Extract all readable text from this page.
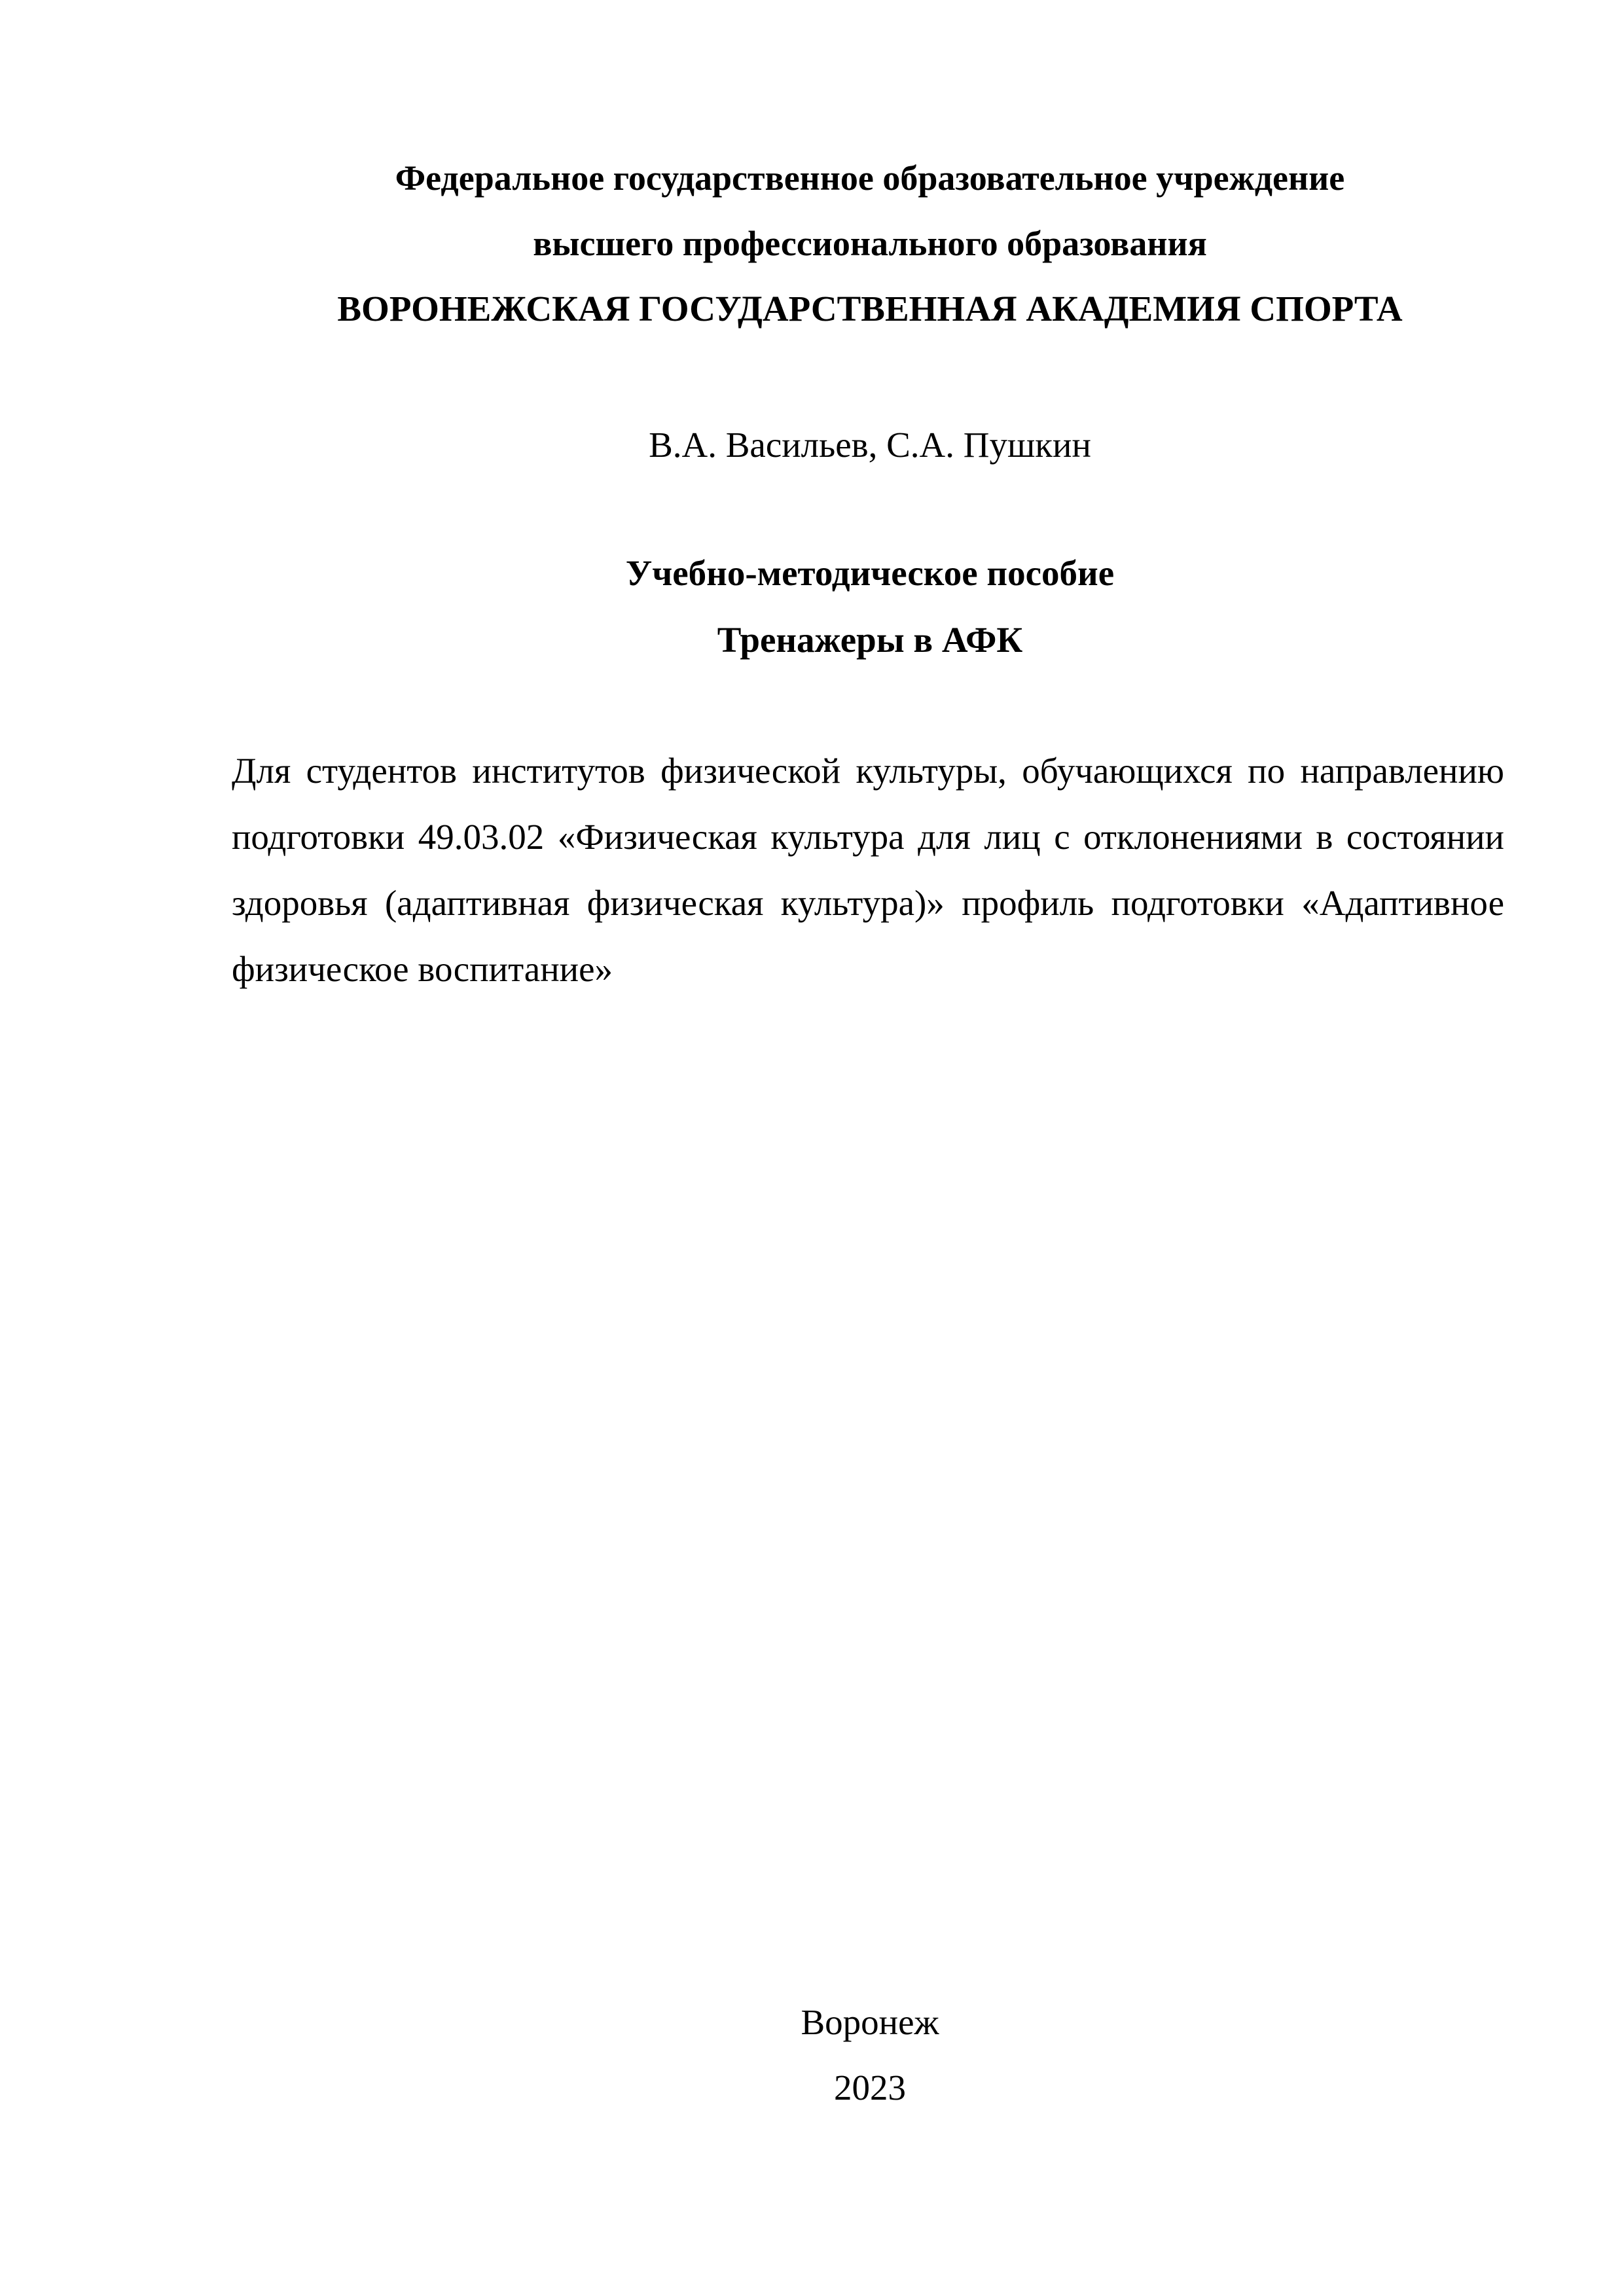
Федеральное государственное образовательное учреждение
высшего профессионального образования
ВОРОНЕЖСКАЯ ГОСУДАРСТВЕННАЯ АКАДЕМИЯ СПОРТА
В.А. Васильев, С.А. Пушкин
Учебно-методическое пособие
Тренажеры в АФК
Для студентов институтов физической культуры, обучающихся по направлению подготовки 49.03.02 «Физическая культура для лиц с отклонениями в состоянии здоровья (адаптивная физическая культура)» профиль подготовки «Адаптивное физическое воспитание»
Воронеж
2023
